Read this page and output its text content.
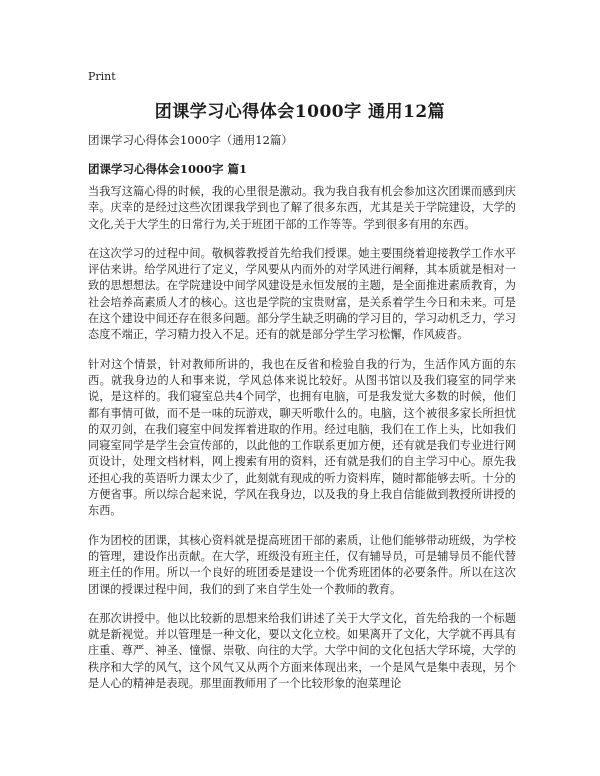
Print
团课学习心得体会1000字 通用12篇

团课学习心得体会1000字（通用12篇）

团课学习心得体会1000字 篇1

当我写这篇心得的时候，我的心里很是激动。我为我自我有机会参加这次团课而感到庆幸。庆幸的是经过这些次团课我学到也了解了很多东西，尤其是关于学院建设，大学的文化,关于大学生的日常行为,关于班团干部的工作等等。学到很多有用的东西。

在这次学习的过程中间。敬枫蓉教授首先给我们授课。她主要围绕着迎接教学工作水平评估来讲。给学风进行了定义，学风要从内而外的对学风进行阐释，其本质就是相对一致的思想想法。在学院建设中间学风建设是永恒发展的主题，是全面推进素质教育，为社会培养高素质人才的核心。这也是学院的宝贵财富，是关系着学生今日和未来。可是在这个建设中间还存在很多问题。部分学生缺乏明确的学习目的，学习动机乏力，学习态度不端正，学习精力投入不足。还有的就是部分学生学习松懈，作风疲沓。

针对这个情景，针对教师所讲的，我也在反省和检验自我的行为，生活作风方面的东西。就我身边的人和事来说，学风总体来说比较好。从图书馆以及我们寝室的同学来说，是这样的。我们寝室总共4个同学，也拥有电脑，可是我发觉大多数的时候，他们都有事情可做，而不是一味的玩游戏，聊天听歌什么的。电脑，这个被很多家长所担忧的双刃剑，在我们寝室中间发挥着进取的作用。经过电脑，我们在工作上头，比如我们同寝室同学是学生会宣传部的，以此他的工作联系更加方便，还有就是我们专业进行网页设计，处理文档材料，网上搜索有用的资料，还有就是我们的自主学习中心。原先我还担心我的英语听力课太少了，此刻就有现成的听力资料库，随时都能够去听。十分的方便省事。所以综合起来说，学风在我身边，以及我的身上我自信能做到教授所讲授的东西。

作为团校的团课，其核心资料就是提高班团干部的素质，让他们能够带动班级，为学校的管理，建设作出贡献。在大学，班级没有班主任，仅有辅导员，可是辅导员不能代替班主任的作用。所以一个良好的班团委是建设一个优秀班团体的必要条件。所以在这次团课的授课过程中间，我们的到了来自学生处一个教师的教育。

在那次讲授中。他以比较新的思想来给我们讲述了关于大学文化，首先给我的一个标题就是新视觉。并以管理是一种文化，要以文化立校。如果离开了文化，大学就不再具有庄重、尊严、神圣、憧憬、崇敬、向往的大学。大学中间的文化包括大学环境，大学的秩序和大学的风气，这个风气又从两个方面来体现出来，一个是风气是集中表现，另个是人心的精神是表现。那里面教师用了一个比较形象的泡菜理论
